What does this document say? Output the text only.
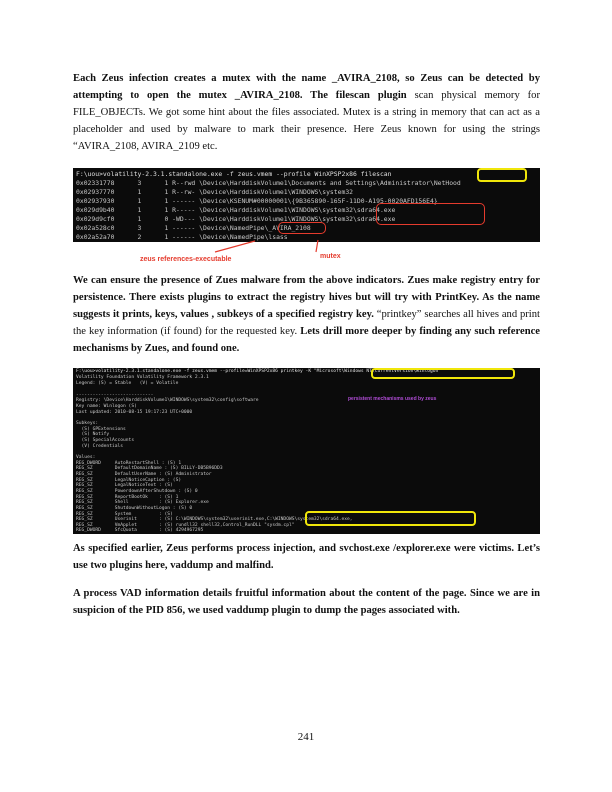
Each Zeus infection creates a mutex with the name _AVIRA_2108, so Zeus can be detected by attempting to open the mutex _AVIRA_2108. The filescan plugin scan physical memory for FILE_OBJECTs. We got some hint about the files associated. Mutex is a string in memory that can act as a placeholder and used by malware to mark their presence. Here Zeus known for using the strings “AVIRA_2108, AVIRA_2109 etc.

F:\uou>volatility-2.3.1.standalone.exe -f zeus.vmem --profile WinXPSP2x86 filescan
0x02331778      3      1 R--rwd \Device\HarddiskVolume1\Documents and Settings\Administrator\NetHood
0x02937770      1      1 R--rw- \Device\HarddiskVolume1\WINDOWS\system32
0x02937930      1      1 ------ \Device\KSENUM#00000001\{9B365890-165F-11D0-A195-0020AFD156E4}
0x029d9b40      1      1 R----- \Device\HarddiskVolume1\WINDOWS\system32\sdra64.exe
0x029d9cf0      1      0 -WD--- \Device\HarddiskVolume1\WINDOWS\system32\sdra64.exe
0x02a528c0      3      1 ------ \Device\NamedPipe\_AVIRA_2108
0x02a52a70      2      1 ------ \Device\NamedPipe\lsass
zeus references-executable	mutex

We can ensure the presence of Zues malware from the above indicators. Zues make registry entry for persistence. There exists plugins to extract the registry hives but will try with PrintKey. As the name suggests it prints, keys, values , subkeys of a specified registry key. “printkey” searches all hives and print the key information (if found) for the requested key. Lets drill more deeper by finding any such reference mechanisms by Zues, and found one.

F:\uou>volatility-2.3.1.standalone.exe -f zeus.vmem --profile=WinXPSP2x86 printkey -K "Microsoft\Windows NT\CurrentVersion\Winlogon"
Volatility Foundation Volatility Framework 2.3.1
Legend: (S) = Stable   (V) = Volatile
----------------------------
Registry: \Device\HarddiskVolume1\WINDOWS\system32\config\software
Key name: Winlogon (S)
Last updated: 2010-08-15 19:17:23 UTC+0000
Subkeys:
(S) GPExtensions
(S) Notify
(S) SpecialAccounts
(V) Credentials
Values:
REG_DWORD     AutoRestartShell : (S) 1
REG_SZ        DefaultDomainName : (S) BILLY-DB5B96DD3
REG_SZ        DefaultUserName : (S) Administrator
REG_SZ        LegalNoticeCaption : (S)
REG_SZ        LegalNoticeText : (S)
REG_SZ        PowerdownAfterShutdown : (S) 0
REG_SZ        ReportBootOk    : (S) 1
REG_SZ        Shell           : (S) Explorer.exe
REG_SZ        ShutdownWithoutLogon : (S) 0
REG_SZ        System          : (S)
REG_SZ        Userinit        : (S) C:\WINDOWS\system32\userinit.exe,C:\WINDOWS\system32\sdra64.exe,
REG_SZ        VmApplet        : (S) rundll32 shell32,Control_RunDLL "sysdm.cpl"
REG_DWORD     SfcQuota        : (S) 4294967295
persistent mechanisms used by zeus

As specified earlier, Zeus performs process injection, and svchost.exe /explorer.exe were victims. Let’s use two plugins here, vaddump and malfind.

A process VAD information details fruitful information about the content of the page. Since we are in suspicion of the PID 856, we used vaddump plugin to dump the pages associated with.

241
